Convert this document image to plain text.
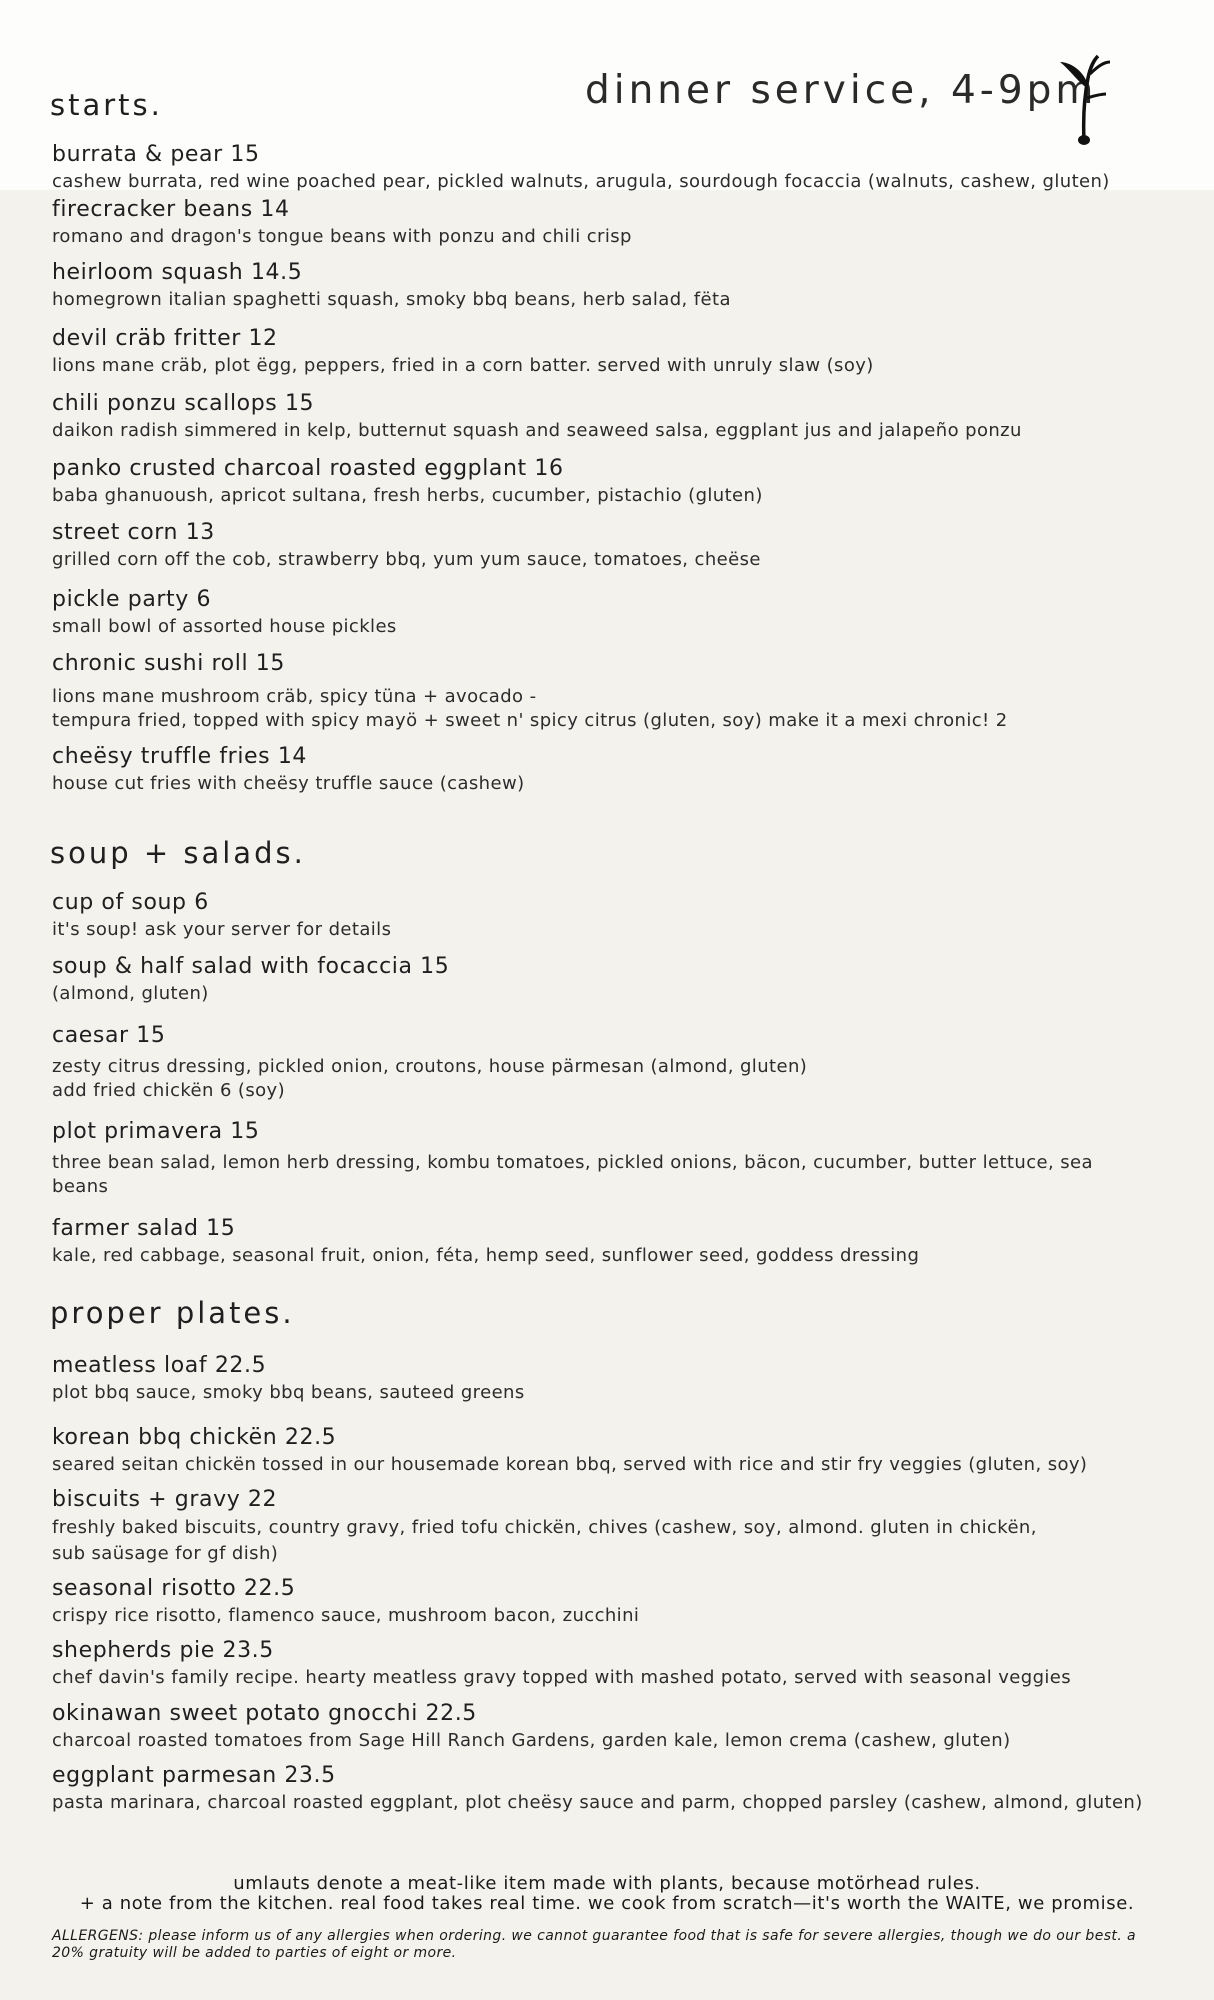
dinner service, 4-9pm
starts.
burrata & pear 15
cashew burrata, red wine poached pear, pickled walnuts, arugula, sourdough focaccia (walnuts, cashew, gluten)
firecracker beans 14
romano and dragon's tongue beans with ponzu and chili crisp
heirloom squash 14.5
homegrown italian spaghetti squash, smoky bbq beans, herb salad, fëta
devil cräb fritter 12
lions mane cräb, plot ëgg, peppers, fried in a corn batter. served with unruly slaw (soy)
chili ponzu scallops 15
daikon radish simmered in kelp, butternut squash and seaweed salsa, eggplant jus and jalapeño ponzu
panko crusted charcoal roasted eggplant 16
baba ghanuoush, apricot sultana, fresh herbs, cucumber, pistachio (gluten)
street corn 13
grilled corn off the cob, strawberry bbq, yum yum sauce, tomatoes, cheëse
pickle party 6
small bowl of assorted house pickles
chronic sushi roll 15
lions mane mushroom cräb, spicy tüna + avocado -
tempura fried, topped with spicy mayö + sweet n' spicy citrus (gluten, soy) make it a mexi chronic! 2
cheësy truffle fries 14
house cut fries with cheësy truffle sauce (cashew)
soup + salads.
cup of soup 6
it's soup! ask your server for details
soup & half salad with focaccia 15
(almond, gluten)
caesar 15
zesty citrus dressing, pickled onion, croutons, house pärmesan (almond, gluten)
add fried chickën 6 (soy)
plot primavera 15
three bean salad, lemon herb dressing, kombu tomatoes, pickled onions, bäcon, cucumber, butter lettuce, sea
beans
farmer salad 15
kale, red cabbage, seasonal fruit, onion, féta, hemp seed, sunflower seed, goddess dressing
proper plates.
meatless loaf 22.5
plot bbq sauce, smoky bbq beans, sauteed greens
korean bbq chickën 22.5
seared seitan chickën tossed in our housemade korean bbq, served with rice and stir fry veggies (gluten, soy)
biscuits + gravy 22
freshly baked biscuits, country gravy, fried tofu chickën, chives (cashew, soy, almond. gluten in chickën,
sub saüsage for gf dish)
seasonal risotto 22.5
crispy rice risotto, flamenco sauce, mushroom bacon, zucchini
shepherds pie 23.5
chef davin's family recipe. hearty meatless gravy topped with mashed potato, served with seasonal veggies
okinawan sweet potato gnocchi 22.5
charcoal roasted tomatoes from Sage Hill Ranch Gardens, garden kale, lemon crema (cashew, gluten)
eggplant parmesan 23.5
pasta marinara, charcoal roasted eggplant, plot cheësy sauce and parm, chopped parsley (cashew, almond, gluten)
umlauts denote a meat-like item made with plants, because motörhead rules.
+ a note from the kitchen. real food takes real time. we cook from scratch—it's worth the WAITE, we promise.
ALLERGENS: please inform us of any allergies when ordering. we cannot guarantee food that is safe for severe allergies, though we do our best. a 20% gratuity will be added to parties of eight or more.
